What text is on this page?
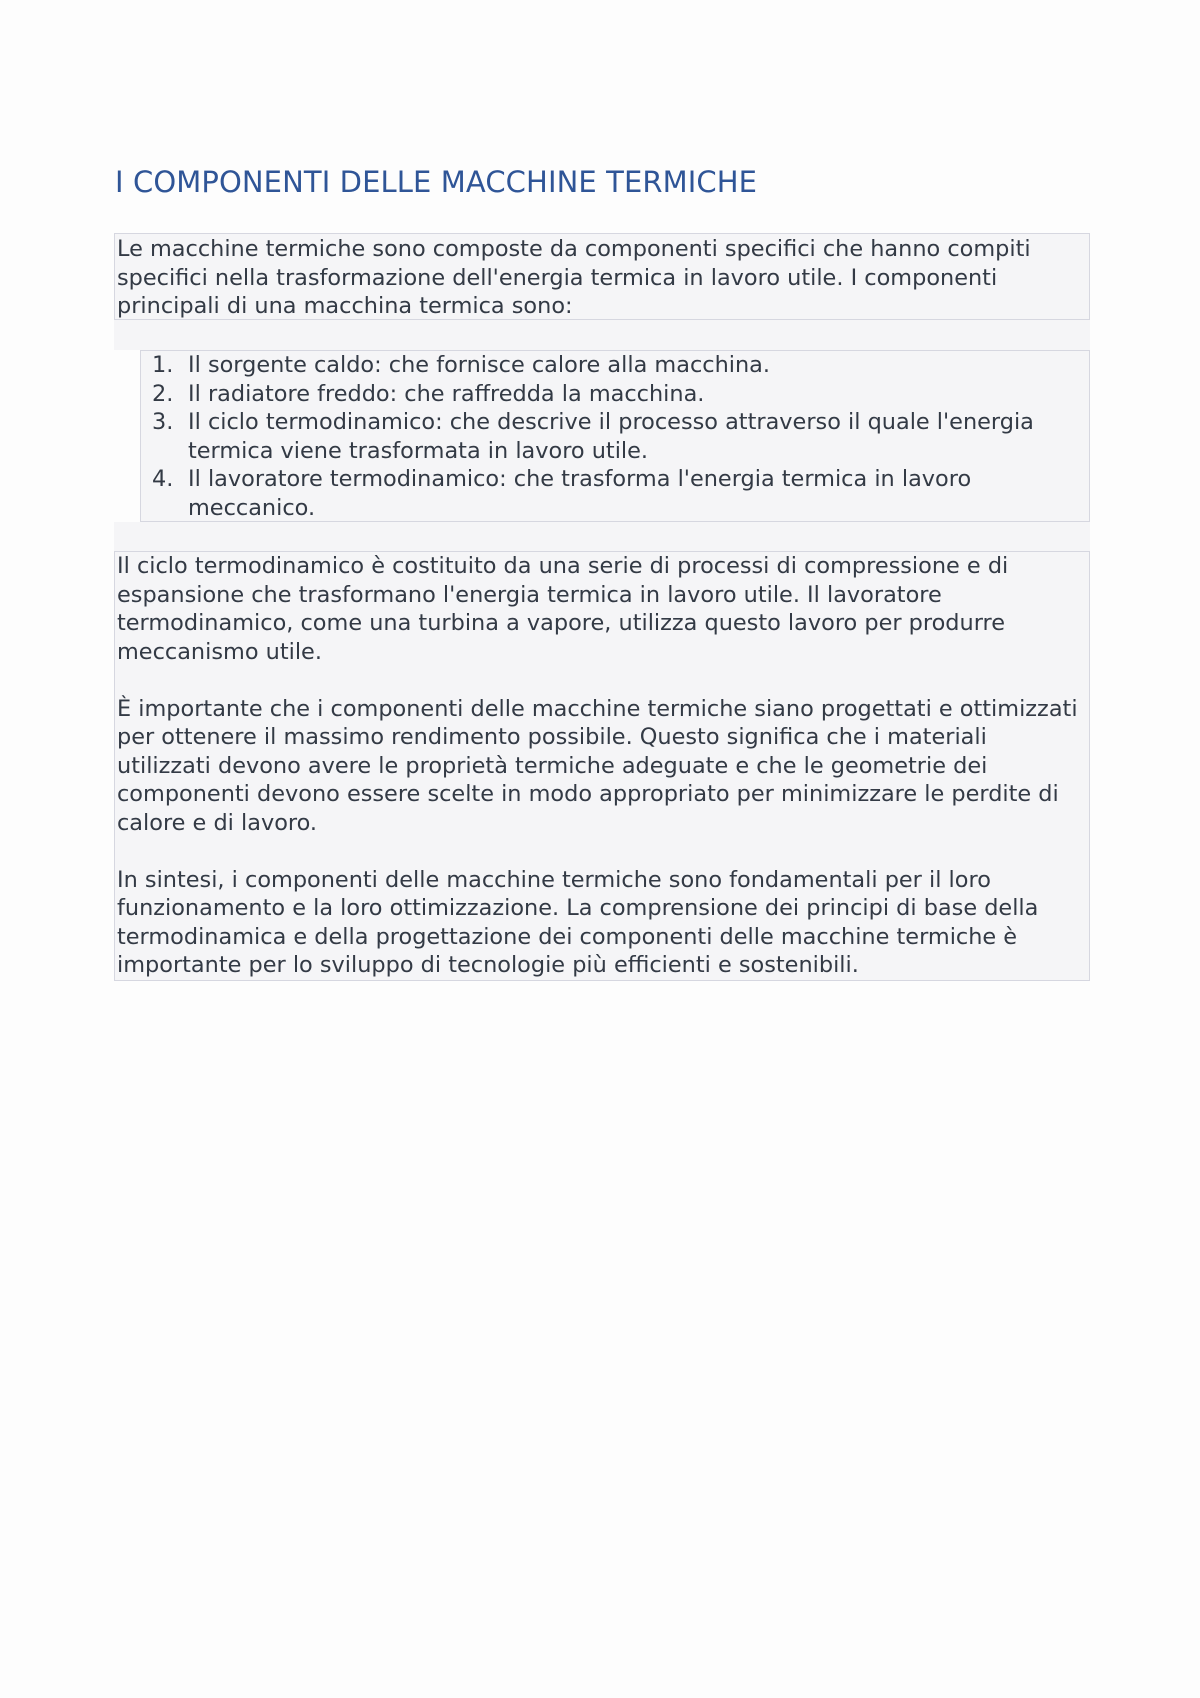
I COMPONENTI DELLE MACCHINE TERMICHE

Le macchine termiche sono composte da componenti specifici che hanno compiti specifici nella trasformazione dell'energia termica in lavoro utile. I componenti principali di una macchina termica sono:

1. Il sorgente caldo: che fornisce calore alla macchina.
2. Il radiatore freddo: che raffredda la macchina.
3. Il ciclo termodinamico: che descrive il processo attraverso il quale l'energia termica viene trasformata in lavoro utile.
4. Il lavoratore termodinamico: che trasforma l'energia termica in lavoro meccanico.

Il ciclo termodinamico è costituito da una serie di processi di compressione e di espansione che trasformano l'energia termica in lavoro utile. Il lavoratore termodinamico, come una turbina a vapore, utilizza questo lavoro per produrre meccanismo utile.

È importante che i componenti delle macchine termiche siano progettati e ottimizzati per ottenere il massimo rendimento possibile. Questo significa che i materiali utilizzati devono avere le proprietà termiche adeguate e che le geometrie dei componenti devono essere scelte in modo appropriato per minimizzare le perdite di calore e di lavoro.

In sintesi, i componenti delle macchine termiche sono fondamentali per il loro funzionamento e la loro ottimizzazione. La comprensione dei principi di base della termodinamica e della progettazione dei componenti delle macchine termiche è importante per lo sviluppo di tecnologie più efficienti e sostenibili.
